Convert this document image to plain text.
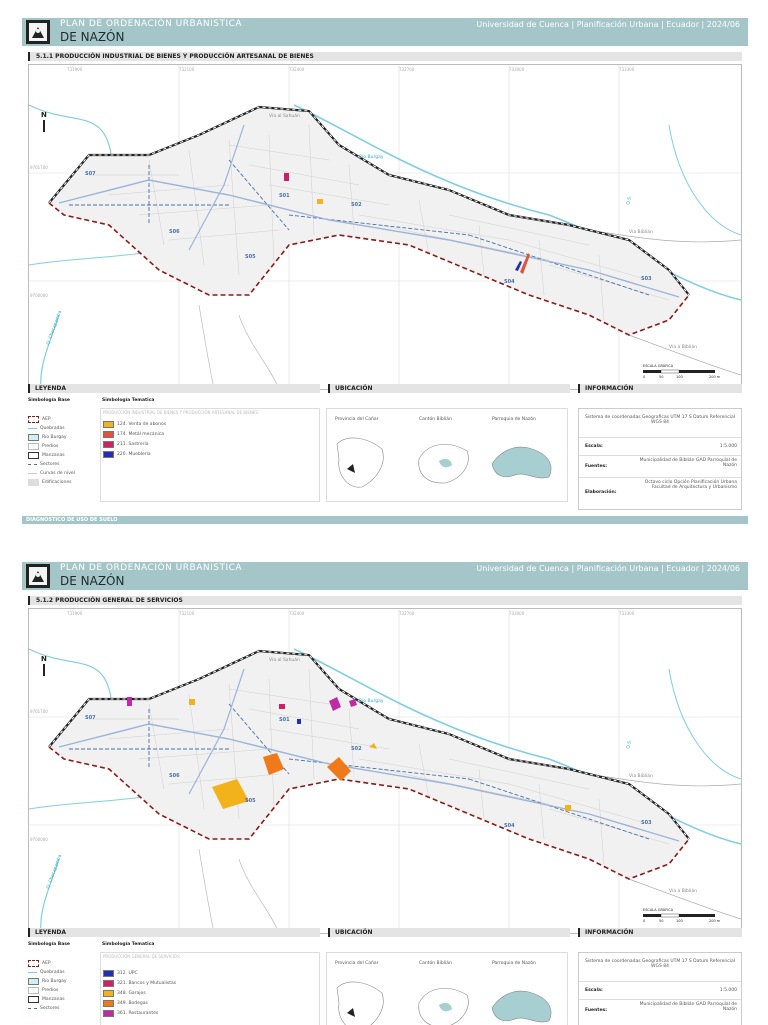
PLAN DE ORDENACIÓN URBANISTICA
DE NAZÓN
Universidad de Cuenca | Planificación Urbana | Ecuador | 2024/06
5.1.1 PRODUCCIÓN INDUSTRIAL DE BIENES Y PRODUCCIÓN ARTESANAL DE BIENES
S01
S02
S03
S04
S05
S06
S07
Vía al Sahuán
Río Burgay
Vía Biblián
Vía a Biblián
Q. Chacapamba
Q.S.
N
ESCALA GRÁFICA
0	50	100	200 m
731900	732100	732400	732700	733000	733300
9701700
9700000
LEYENDA
Simbología Base	Simbología Tematica
AEP
Quebradas
Río Burgay
Predios
Manzanas
Sectores
Curvas de nivel
Edificaciones
PRODUCCIÓN INDUSTRIAL DE BIENES Y PRODUCCIÓN ARTESANAL DE BIENES
124. Venta de abonos
174. Metál mecánica
211. Sastrería
220. Mueblería
UBICACIÓN
Provincia del Cañar	Cantón Biblián	Parroquia de Nazón
INFORMACIÓN
Sistema de coordenadas Geograficas UTM 17 S Datum Referencial WGS 84
Escala:	1:5.000
Fuentes:
Municipalidad de Biblián GAD Parroquial de Nazón
Elaboración:
Octavo ciclo Opción Planificación Urbana Facultad de Arquitectura y Urbanismo
DIAGNOSTICO DE USO DE SUELO
PLAN DE ORDENACIÓN URBANISTICA
DE NAZÓN
Universidad de Cuenca | Planificación Urbana | Ecuador | 2024/06
5.1.2 PRODUCCIÓN GENERAL DE SERVICIOS
S01
S02
S03
S04
S05
S06
S07
Vía al Sahuán
Río Burgay
Vía Biblián
Vía a Biblián
Q. Chacapamba
Q.S.
N
ESCALA GRÁFICA
0	50	100	200 m
731900	732100	732400	732700	733000	733300
9701700
9700000
LEYENDA
Simbología Base	Simbología Tematica
AEP
Quebradas
Río Burgay
Predios
Manzanas
Sectores
PRODUCCIÓN GENERAL DE SERVICIOS
312. UPC
321. Bancos y Mutualistas
348. Garajes
349. Bodegas
361. Restaurantes
UBICACIÓN
Provincia del Cañar	Cantón Biblián	Parroquia de Nazón
INFORMACIÓN
Sistema de coordenadas Geograficas UTM 17 S Datum Referencial WGS 84
Escala:	1:5.000
Fuentes:
Municipalidad de Biblián GAD Parroquial de Nazón
